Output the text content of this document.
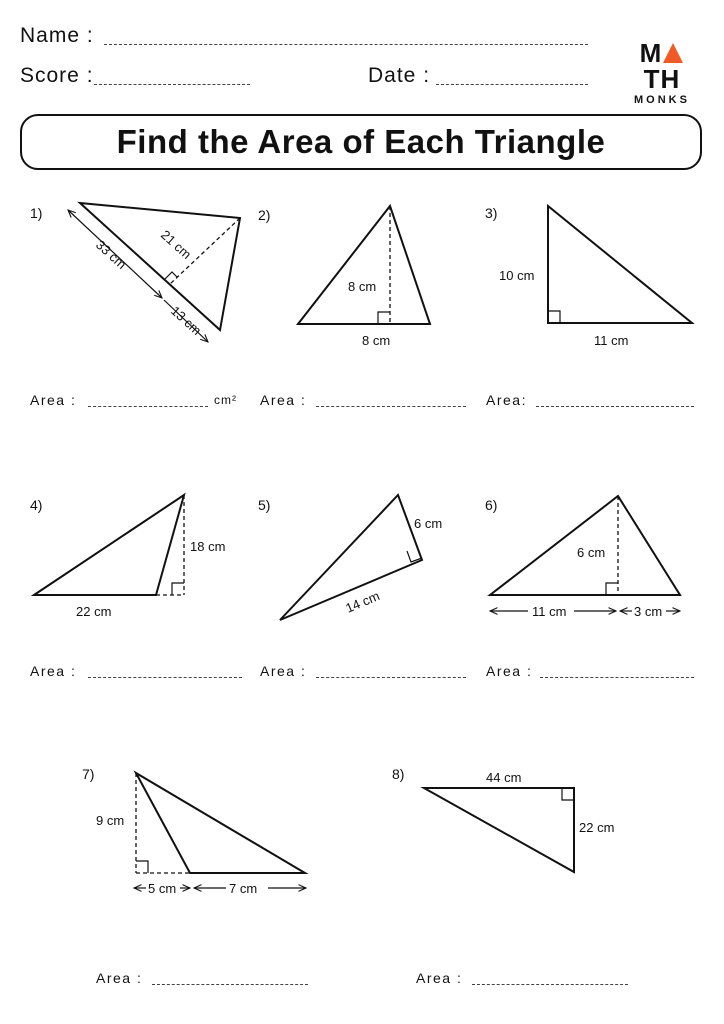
Name :
Score :	Date :
MTH
MONKS
Find the Area of Each Triangle
1)	2)	3)
4)	5)	6)
7)	8)
Area :	cm² Area :	Area:
Area :	Area :	Area :
Area :	Area :
33 cm 21 cm
13 cm
8 cm
8 cm
10 cm
11 cm
18 cm
22 cm
6 cm
14 cm
6 cm
11 cm	3 cm
9 cm
5 cm	7 cm
44 cm
22 cm
